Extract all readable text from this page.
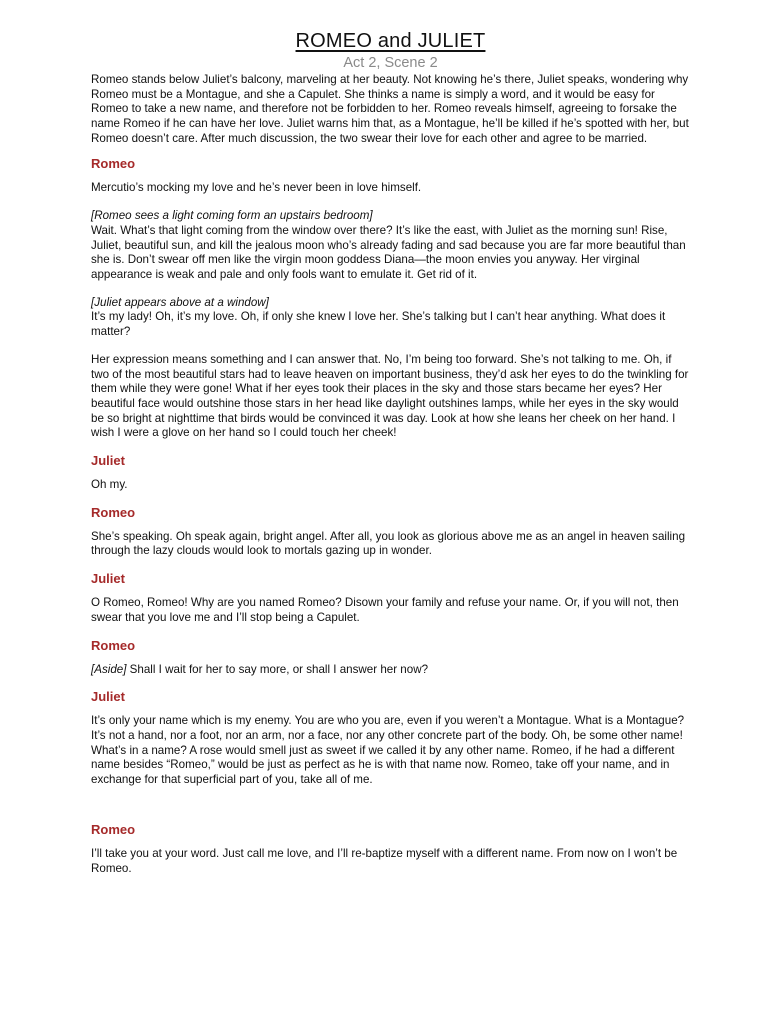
ROMEO and JULIET
Act 2, Scene 2

Romeo stands below Juliet’s balcony, marveling at her beauty. Not knowing he’s there, Juliet speaks, wondering why Romeo must be a Montague, and she a Capulet. She thinks a name is simply a word, and it would be easy for Romeo to take a new name, and therefore not be forbidden to her. Romeo reveals himself, agreeing to forsake the name Romeo if he can have her love. Juliet warns him that, as a Montague, he’ll be killed if he’s spotted with her, but Romeo doesn’t care. After much discussion, the two swear their love for each other and agree to be married.

Romeo

Mercutio’s mocking my love and he’s never been in love himself.

[Romeo sees a light coming form an upstairs bedroom]

Wait. What’s that light coming from the window over there? It’s like the east, with Juliet as the morning sun! Rise, Juliet, beautiful sun, and kill the jealous moon who’s already fading and sad because you are far more beautiful than she is. Don’t swear off men like the virgin moon goddess Diana—the moon envies you anyway. Her virginal appearance is weak and pale and only fools want to emulate it. Get rid of it.

[Juliet appears above at a window]

It’s my lady! Oh, it’s my love. Oh, if only she knew I love her. She’s talking but I can’t hear anything. What does it matter?

Her expression means something and I can answer that. No, I’m being too forward. She’s not talking to me. Oh, if two of the most beautiful stars had to leave heaven on important business, they’d ask her eyes to do the twinkling for them while they were gone! What if her eyes took their places in the sky and those stars became her eyes? Her beautiful face would outshine those stars in her head like daylight outshines lamps, while her eyes in the sky would be so bright at nighttime that birds would be convinced it was day. Look at how she leans her cheek on her hand. I wish I were a glove on her hand so I could touch her cheek!

Juliet

Oh my.

Romeo

She’s speaking. Oh speak again, bright angel. After all, you look as glorious above me as an angel in heaven sailing through the lazy clouds would look to mortals gazing up in wonder.

Juliet

O Romeo, Romeo! Why are you named Romeo? Disown your family and refuse your name. Or, if you will not, then swear that you love me and I’ll stop being a Capulet.

Romeo

[Aside] Shall I wait for her to say more, or shall I answer her now?

Juliet

It’s only your name which is my enemy. You are who you are, even if you weren’t a Montague. What is a Montague? It’s not a hand, nor a foot, nor an arm, nor a face, nor any other concrete part of the body. Oh, be some other name! What’s in a name? A rose would smell just as sweet if we called it by any other name. Romeo, if he had a different name besides “Romeo,” would be just as perfect as he is with that name now. Romeo, take off your name, and in exchange for that superficial part of you, take all of me.

Romeo

I’ll take you at your word. Just call me love, and I’ll re-baptize myself with a different name. From now on I won’t be Romeo.
